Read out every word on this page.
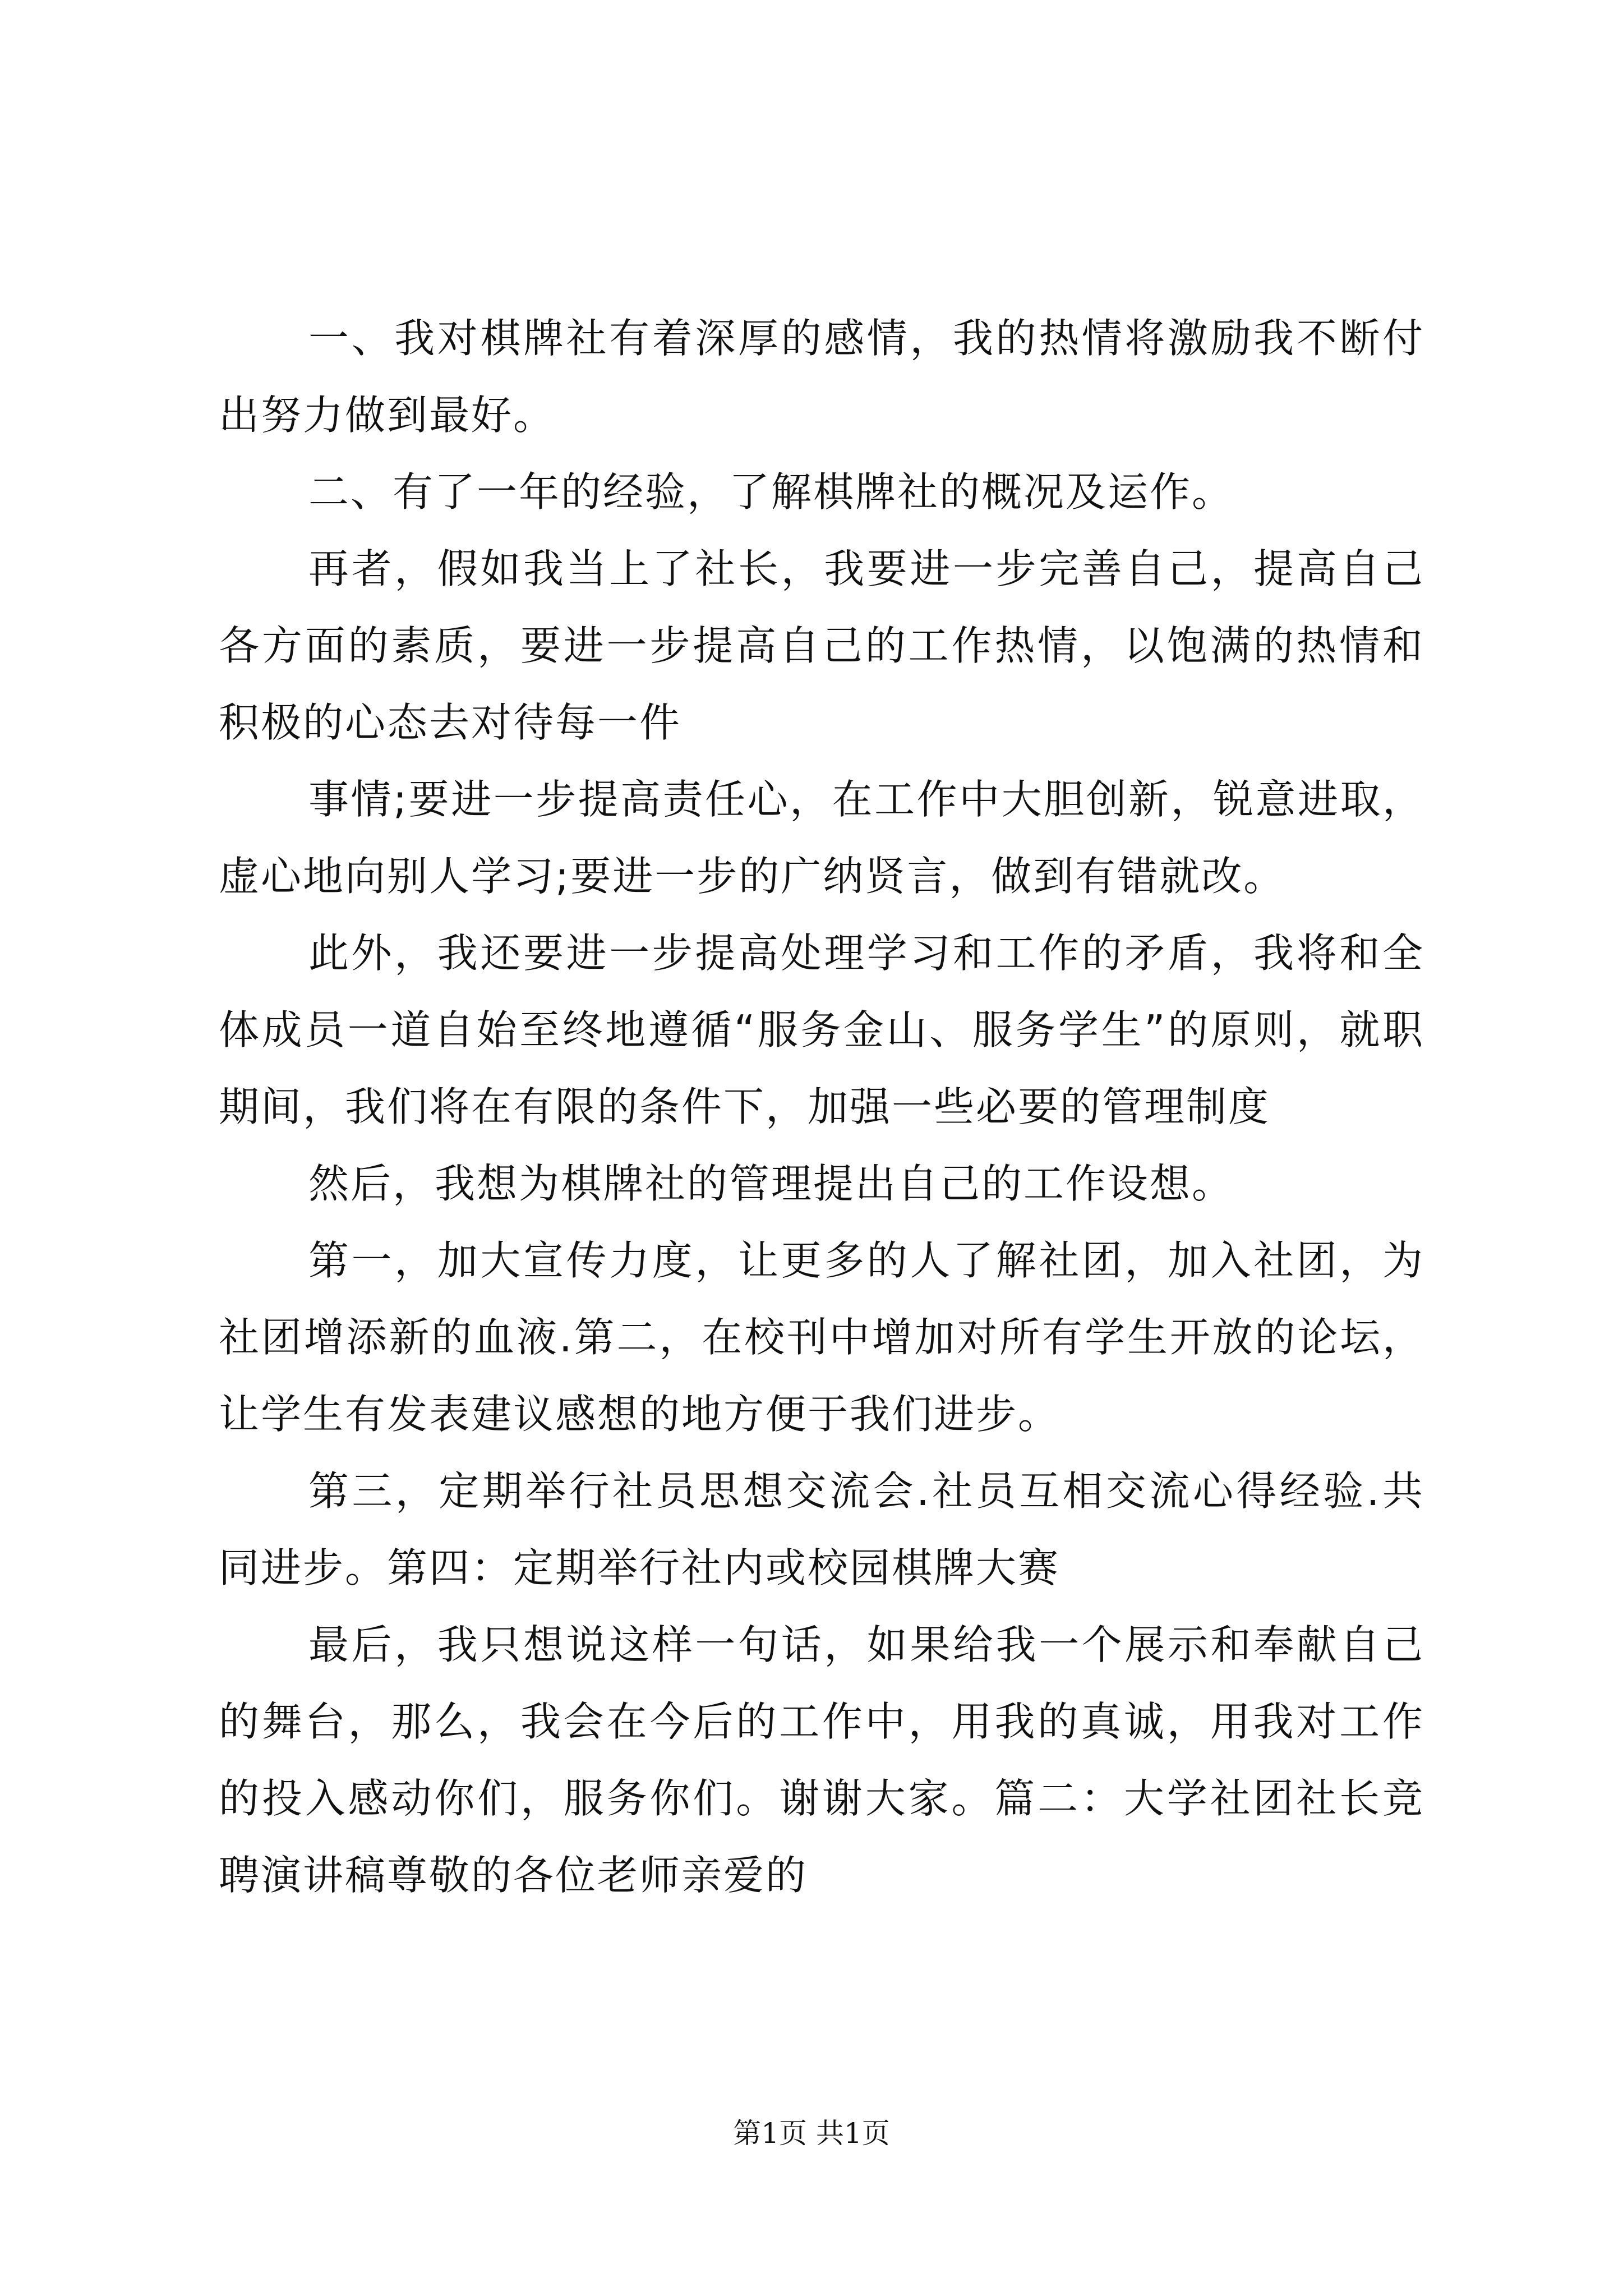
一、我对棋牌社有着深厚的感情，我的热情将激励我不断付出努力做到最好。

二、有了一年的经验，了解棋牌社的概况及运作。

再者，假如我当上了社长，我要进一步完善自己，提高自己各方面的素质，要进一步提高自己的工作热情，以饱满的热情和积极的心态去对待每一件

事情;要进一步提高责任心，在工作中大胆创新，锐意进取，虚心地向别人学习;要进一步的广纳贤言，做到有错就改。

此外，我还要进一步提高处理学习和工作的矛盾，我将和全体成员一道自始至终地遵循“服务金山、服务学生”的原则，就职期间，我们将在有限的条件下，加强一些必要的管理制度

然后，我想为棋牌社的管理提出自己的工作设想。

第一，加大宣传力度，让更多的人了解社团，加入社团，为社团增添新的血液.第二，在校刊中增加对所有学生开放的论坛，让学生有发表建议感想的地方便于我们进步。

第三，定期举行社员思想交流会.社员互相交流心得经验.共同进步。第四：定期举行社内或校园棋牌大赛

最后，我只想说这样一句话，如果给我一个展示和奉献自己的舞台，那么，我会在今后的工作中，用我的真诚，用我对工作的投入感动你们，服务你们。谢谢大家。篇二：大学社团社长竞聘演讲稿尊敬的各位老师亲爱的

第1页 共1页
